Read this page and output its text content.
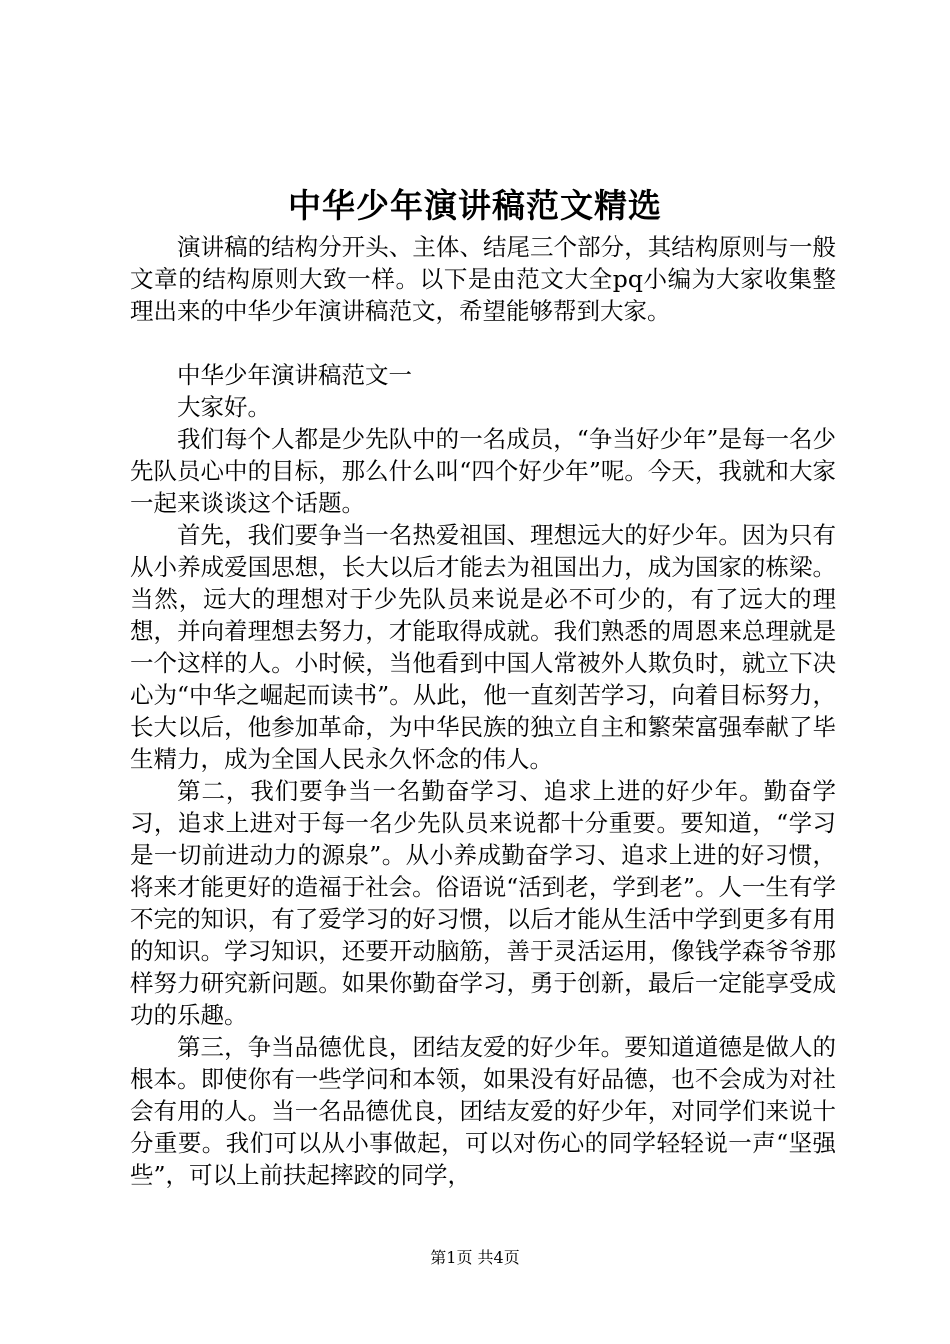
中华少年演讲稿范文精选

演讲稿的结构分开头、主体、结尾三个部分，其结构原则与一般文章的结构原则大致一样。以下是由范文大全pq小编为大家收集整理出来的中华少年演讲稿范文，希望能够帮到大家。

中华少年演讲稿范文一

大家好。

我们每个人都是少先队中的一名成员，“争当好少年”是每一名少先队员心中的目标，那么什么叫“四个好少年”呢。今天，我就和大家一起来谈谈这个话题。

首先，我们要争当一名热爱祖国、理想远大的好少年。因为只有从小养成爱国思想，长大以后才能去为祖国出力，成为国家的栋梁。当然，远大的理想对于少先队员来说是必不可少的，有了远大的理想，并向着理想去努力，才能取得成就。我们熟悉的周恩来总理就是一个这样的人。小时候，当他看到中国人常被外人欺负时，就立下决心为“中华之崛起而读书”。从此，他一直刻苦学习，向着目标努力，长大以后，他参加革命，为中华民族的独立自主和繁荣富强奉献了毕生精力，成为全国人民永久怀念的伟人。

第二，我们要争当一名勤奋学习、追求上进的好少年。勤奋学习，追求上进对于每一名少先队员来说都十分重要。要知道，“学习是一切前进动力的源泉”。从小养成勤奋学习、追求上进的好习惯，将来才能更好的造福于社会。俗语说“活到老，学到老”。人一生有学不完的知识，有了爱学习的好习惯，以后才能从生活中学到更多有用的知识。学习知识，还要开动脑筋，善于灵活运用，像钱学森爷爷那样努力研究新问题。如果你勤奋学习，勇于创新，最后一定能享受成功的乐趣。

第三，争当品德优良，团结友爱的好少年。要知道道德是做人的根本。即使你有一些学问和本领，如果没有好品德，也不会成为对社会有用的人。当一名品德优良，团结友爱的好少年，对同学们来说十分重要。我们可以从小事做起，可以对伤心的同学轻轻说一声“坚强些”，可以上前扶起摔跤的同学，

第1页 共4页
